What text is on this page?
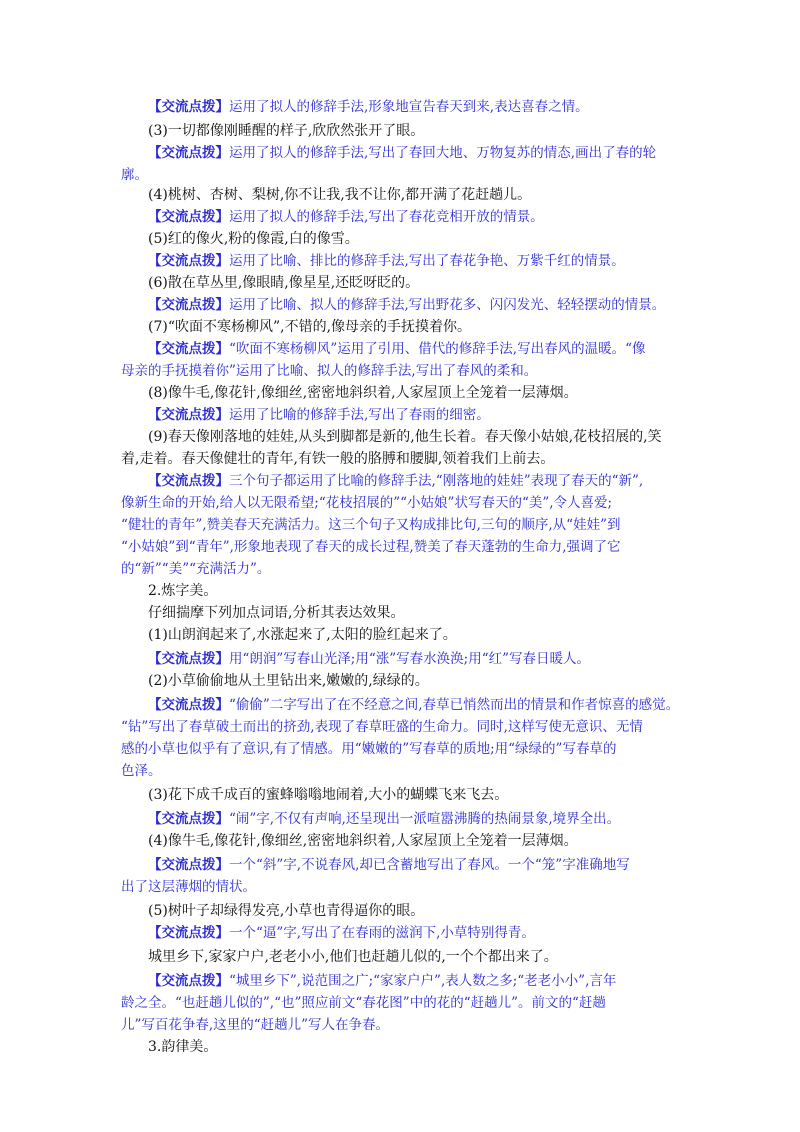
【交流点拨】运用了拟人的修辞手法,形象地宣告春天到来,表达喜春之情。
(3)一切都像刚睡醒的样子,欣欣然张开了眼。
【交流点拨】运用了拟人的修辞手法,写出了春回大地、万物复苏的情态,画出了春的轮
廓。
(4)桃树、杏树、梨树,你不让我,我不让你,都开满了花赶趟儿。
【交流点拨】运用了拟人的修辞手法,写出了春花竞相开放的情景。
(5)红的像火,粉的像霞,白的像雪。
【交流点拨】运用了比喻、排比的修辞手法,写出了春花争艳、万紫千红的情景。
(6)散在草丛里,像眼睛,像星星,还眨呀眨的。
【交流点拨】运用了比喻、拟人的修辞手法,写出野花多、闪闪发光、轻轻摆动的情景。
(7)“吹面不寒杨柳风”,不错的,像母亲的手抚摸着你。
【交流点拨】“吹面不寒杨柳风”运用了引用、借代的修辞手法,写出春风的温暖。“像
母亲的手抚摸着你”运用了比喻、拟人的修辞手法,写出了春风的柔和。
(8)像牛毛,像花针,像细丝,密密地斜织着,人家屋顶上全笼着一层薄烟。
【交流点拨】运用了比喻的修辞手法,写出了春雨的细密。
(9)春天像刚落地的娃娃,从头到脚都是新的,他生长着。春天像小姑娘,花枝招展的,笑
着,走着。春天像健壮的青年,有铁一般的胳膊和腰脚,领着我们上前去。
【交流点拨】三个句子都运用了比喻的修辞手法,“刚落地的娃娃”表现了春天的“新”,
像新生命的开始,给人以无限希望;“花枝招展的”“小姑娘”状写春天的“美”,令人喜爱;
“健壮的青年”,赞美春天充满活力。这三个句子又构成排比句,三句的顺序,从“娃娃”到
“小姑娘”到“青年”,形象地表现了春天的成长过程,赞美了春天蓬勃的生命力,强调了它
的“新”“美”“充满活力”。
2.炼字美。
仔细揣摩下列加点词语,分析其表达效果。
(1)山朗润起来了,水涨起来了,太阳的脸红起来了。
【交流点拨】用“朗润”写春山光泽;用“涨”写春水涣涣;用“红”写春日暖人。
(2)小草偷偷地从土里钻出来,嫩嫩的,绿绿的。
【交流点拨】“偷偷”二字写出了在不经意之间,春草已悄然而出的情景和作者惊喜的感觉。
“钻”写出了春草破土而出的挤劲,表现了春草旺盛的生命力。同时,这样写使无意识、无情
感的小草也似乎有了意识,有了情感。用“嫩嫩的”写春草的质地;用“绿绿的”写春草的
色泽。
(3)花下成千成百的蜜蜂嗡嗡地闹着,大小的蝴蝶飞来飞去。
【交流点拨】“闹”字,不仅有声响,还呈现出一派喧嚣沸腾的热闹景象,境界全出。
(4)像牛毛,像花针,像细丝,密密地斜织着,人家屋顶上全笼着一层薄烟。
【交流点拨】一个“斜”字,不说春风,却已含蓄地写出了春风。一个“笼”字准确地写
出了这层薄烟的情状。
(5)树叶子却绿得发亮,小草也青得逼你的眼。
【交流点拨】一个“逼”字,写出了在春雨的滋润下,小草特别得青。
城里乡下,家家户户,老老小小,他们也赶趟儿似的,一个个都出来了。
【交流点拨】“城里乡下”,说范围之广;“家家户户”,表人数之多;“老老小小”,言年
龄之全。“也赶趟儿似的”,“也”照应前文“春花图”中的花的“赶趟儿”。前文的“赶趟
儿”写百花争春,这里的“赶趟儿”写人在争春。
3.韵律美。
